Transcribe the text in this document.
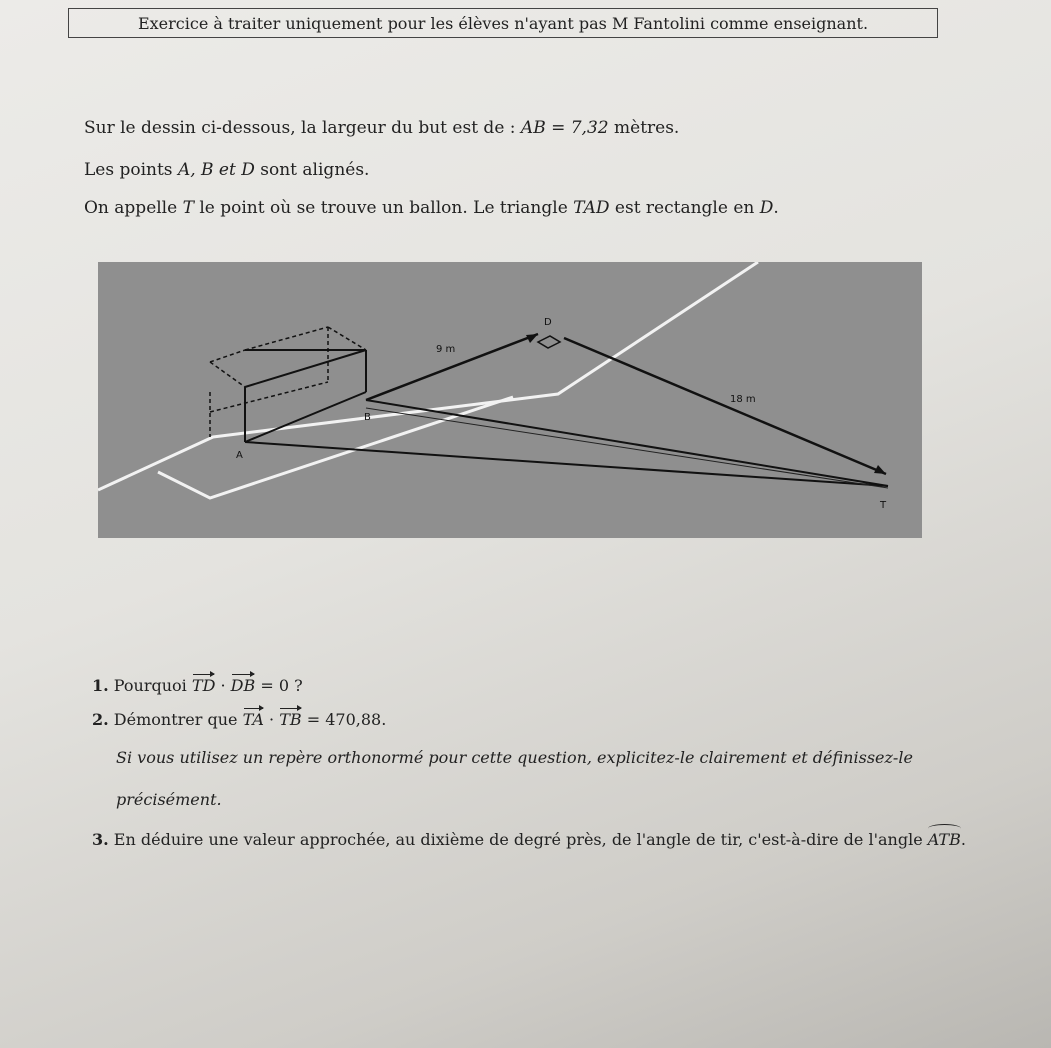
Exercice à traiter uniquement pour les élèves n'ayant pas M Fantolini comme enseignant.
Sur le dessin ci-dessous, la largeur du but est de : AB = 7,32 mètres.
Les points A, B et D sont alignés.
On appelle T le point où se trouve un ballon. Le triangle TAD est rectangle en D.
D
9 m
18 m
B
A
T
1. Pourquoi TD · DB = 0 ?
2. Démontrer que TA · TB = 470,88.
Si vous utilisez un repère orthonormé pour cette question, explicitez-le clairement et définissez-le
précisément.
3. En déduire une valeur approchée, au dixième de degré près, de l'angle de tir, c'est-à-dire de l'angle ATB.
